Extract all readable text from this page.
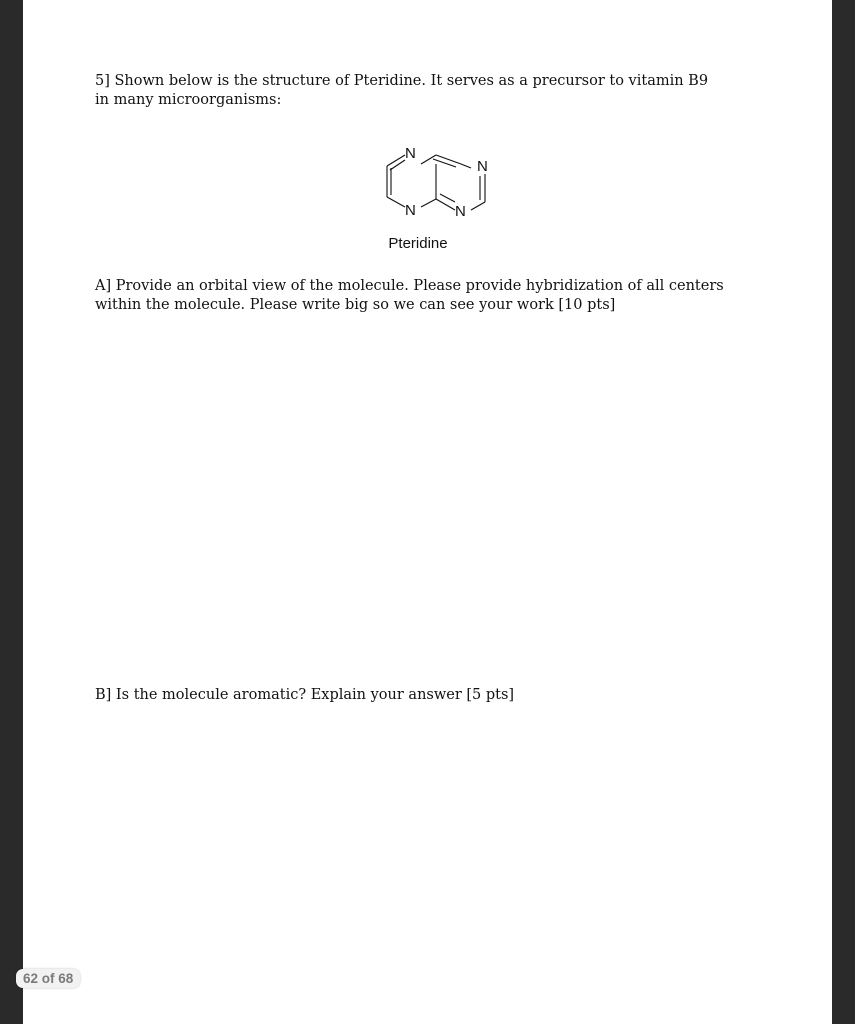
5] Shown below is the structure of Pteridine. It serves as a precursor to vitamin B9 in many microorganisms:

N
N
N
N
Pteridine

A] Provide an orbital view of the molecule. Please provide hybridization of all centers within the molecule. Please write big so we can see your work [10 pts]

B] Is the molecule aromatic? Explain your answer [5 pts]

62 of 68
